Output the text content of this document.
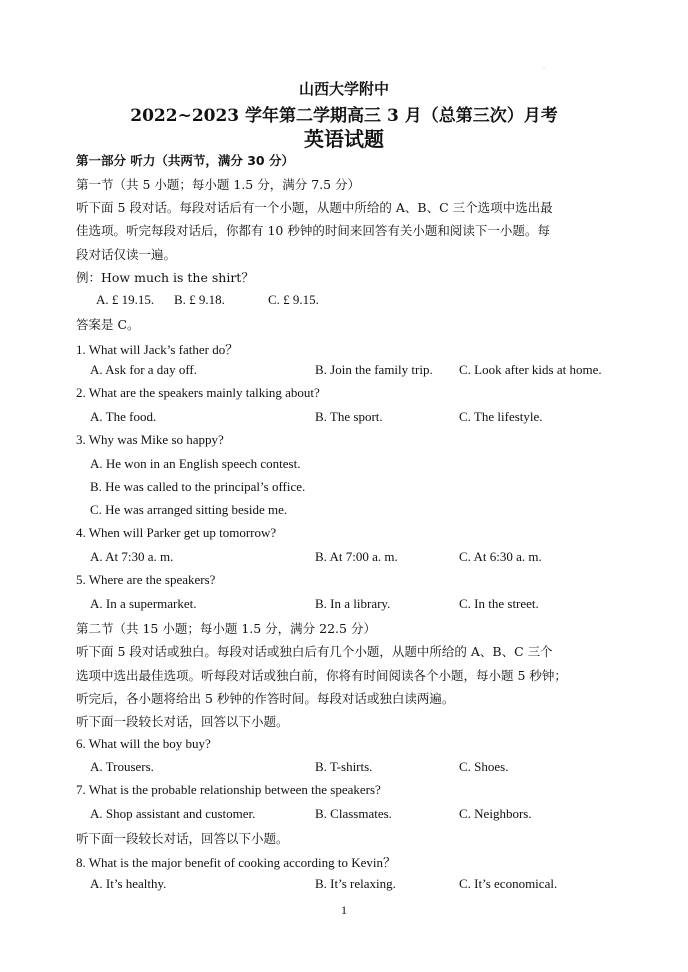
.
山西大学附中
2022~2023 学年第二学期高三 3 月（总第三次）月考
英语试题
第一部分 听力（共两节，满分 30 分）
第一节（共 5 小题；每小题 1.5 分，满分 7.5 分）
听下面 5 段对话。每段对话后有一个小题，从题中所给的 A、B、C 三个选项中选出最
佳选项。听完每段对话后，你都有 10 秒钟的时间来回答有关小题和阅读下一小题。每
段对话仅读一遍。
例：How much is the shirt？
A. £ 19.15. B. £ 9.18.	C. £ 9.15.
答案是 C。
1. What will Jack’s father do？
A. Ask for a day off.	B. Join the family trip. C. Look after kids at home.
2. What are the speakers mainly talking about?
A. The food.	B. The sport.	C. The lifestyle.
3. Why was Mike so happy?
A. He won in an English speech contest.
B. He was called to the principal’s office.
C. He was arranged sitting beside me.
4. When will Parker get up tomorrow?
A. At 7:30 a. m.	B. At 7:00 a. m.	C. At 6:30 a. m.
5. Where are the speakers?
A. In a supermarket.	B. In a library.	C. In the street.
第二节（共 15 小题；每小题 1.5 分，满分 22.5 分）
听下面 5 段对话或独白。每段对话或独白后有几个小题，从题中所给的 A、B、C 三个
选项中选出最佳选项。听每段对话或独白前，你将有时间阅读各个小题，每小题 5 秒钟；
听完后，各小题将给出 5 秒钟的作答时间。每段对话或独白读两遍。
听下面一段较长对话，回答以下小题。
6. What will the boy buy?
A. Trousers.	B. T-shirts.	C. Shoes.
7. What is the probable relationship between the speakers?
A. Shop assistant and customer.	B. Classmates.	C. Neighbors.
听下面一段较长对话，回答以下小题。
8. What is the major benefit of cooking according to Kevin？
A. It’s healthy.	B. It’s relaxing.	C. It’s economical.
1
